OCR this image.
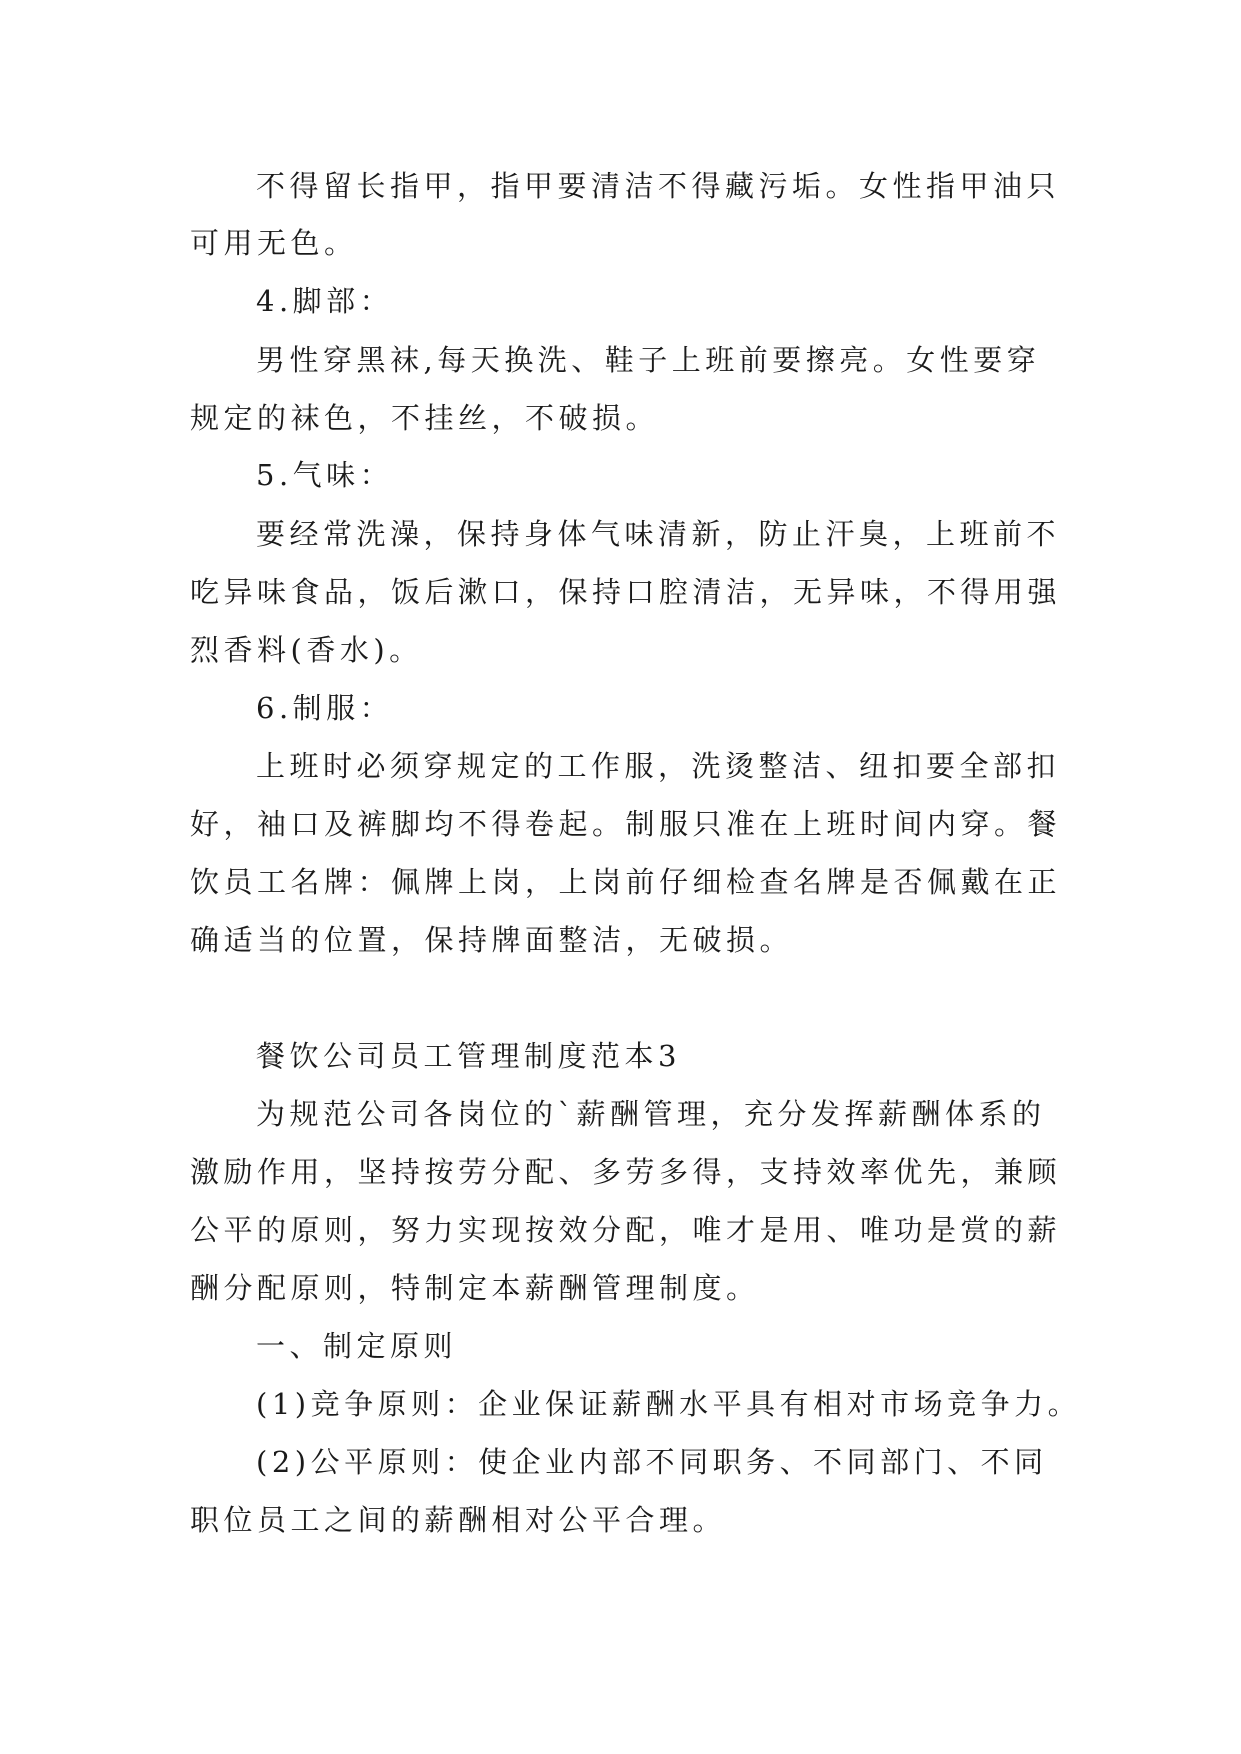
不得留长指甲，指甲要清洁不得藏污垢。女性指甲油只
可用无色。
4.脚部：
男性穿黑袜,每天换洗、鞋子上班前要擦亮。女性要穿
规定的袜色，不挂丝，不破损。
5.气味：
要经常洗澡，保持身体气味清新，防止汗臭，上班前不
吃异味食品，饭后漱口，保持口腔清洁，无异味，不得用强
烈香料(香水)。
6.制服：
上班时必须穿规定的工作服，洗烫整洁、纽扣要全部扣
好，袖口及裤脚均不得卷起。制服只准在上班时间内穿。餐
饮员工名牌：佩牌上岗，上岗前仔细检查名牌是否佩戴在正
确适当的位置，保持牌面整洁，无破损。
餐饮公司员工管理制度范本3
为规范公司各岗位的`薪酬管理，充分发挥薪酬体系的
激励作用，坚持按劳分配、多劳多得，支持效率优先，兼顾
公平的原则，努力实现按效分配，唯才是用、唯功是赏的薪
酬分配原则，特制定本薪酬管理制度。
一、制定原则
(1)竞争原则：企业保证薪酬水平具有相对市场竞争力。
(2)公平原则：使企业内部不同职务、不同部门、不同
职位员工之间的薪酬相对公平合理。
